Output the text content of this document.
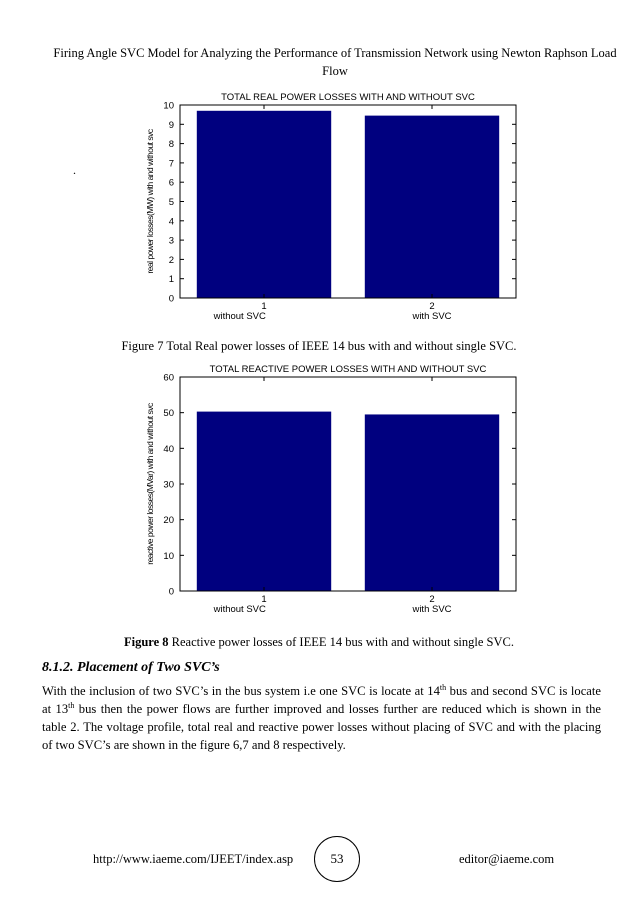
Firing Angle SVC Model for Analyzing the Performance of Transmission Network using Newton Raphson Load
Flow
.
0
1
2
3
4
5
6
7
8
9
10
1	2
without SVC	with SVC
TOTAL REAL POWER LOSSES WITH AND WITHOUT SVC
real power losses(MW) with and without svc
Figure 7 Total Real power losses of IEEE 14 bus with and without single SVC.
0
10
20
30
40
50
60
1	2
without SVC	with SVC
TOTAL REACTIVE POWER LOSSES WITH AND WITHOUT SVC
reactive power losses(MVar) with and without svc
Figure 8 Reactive power losses of IEEE 14 bus with and without single SVC.
8.1.2. Placement of Two SVC’s
With the inclusion of two SVC’s in the bus system i.e one SVC is locate at 14th bus and second SVC is locate at 13th bus then the power flows are further improved and losses further are reduced which is shown in the table 2. The voltage profile, total real and reactive power losses without placing of SVC and with the placing of two SVC’s are shown in the figure 6,7 and 8 respectively.
http://www.iaeme.com/IJEET/index.asp	53	editor@iaeme.com
